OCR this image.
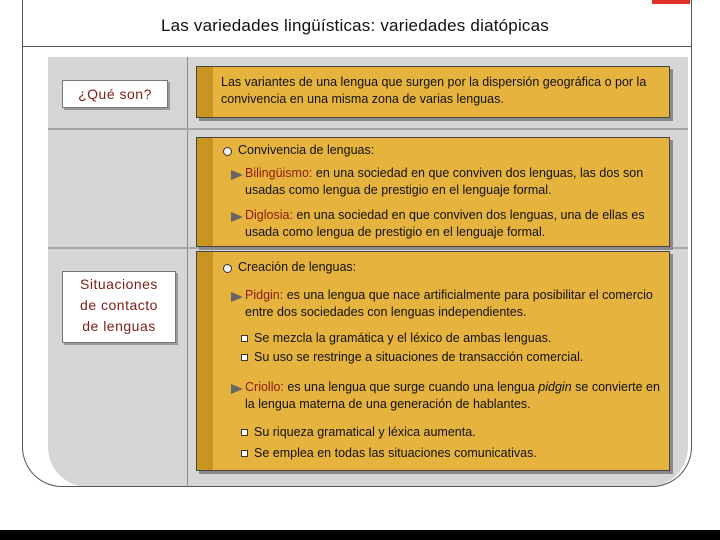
Las variedades lingüísticas: variedades diatópicas
¿Qué son?
Situaciones
de contacto
de lenguas
Las variantes de una lengua que surgen por la dispersión geográfica o por la convivencia en una misma zona de varias lenguas.
Convivencia de lenguas:
Bilingüismo: en una sociedad en que conviven dos lenguas, las dos son usadas como lengua de prestigio en el lenguaje formal.
Diglosia: en una sociedad en que conviven dos lenguas, una de ellas es usada como lengua de prestigio en el lenguaje formal.
Creación de lenguas:
Pidgin: es una lengua que nace artificialmente para posibilitar el comercio entre dos sociedades con lenguas independientes.
Se mezcla la gramática y el léxico de ambas lenguas.
Su uso se restringe a situaciones de transacción comercial.
Criollo: es una lengua que surge cuando una lengua pidgin se convierte en la lengua materna de una generación de hablantes.
Su riqueza gramatical y léxica aumenta.
Se emplea en todas las situaciones comunicativas.
